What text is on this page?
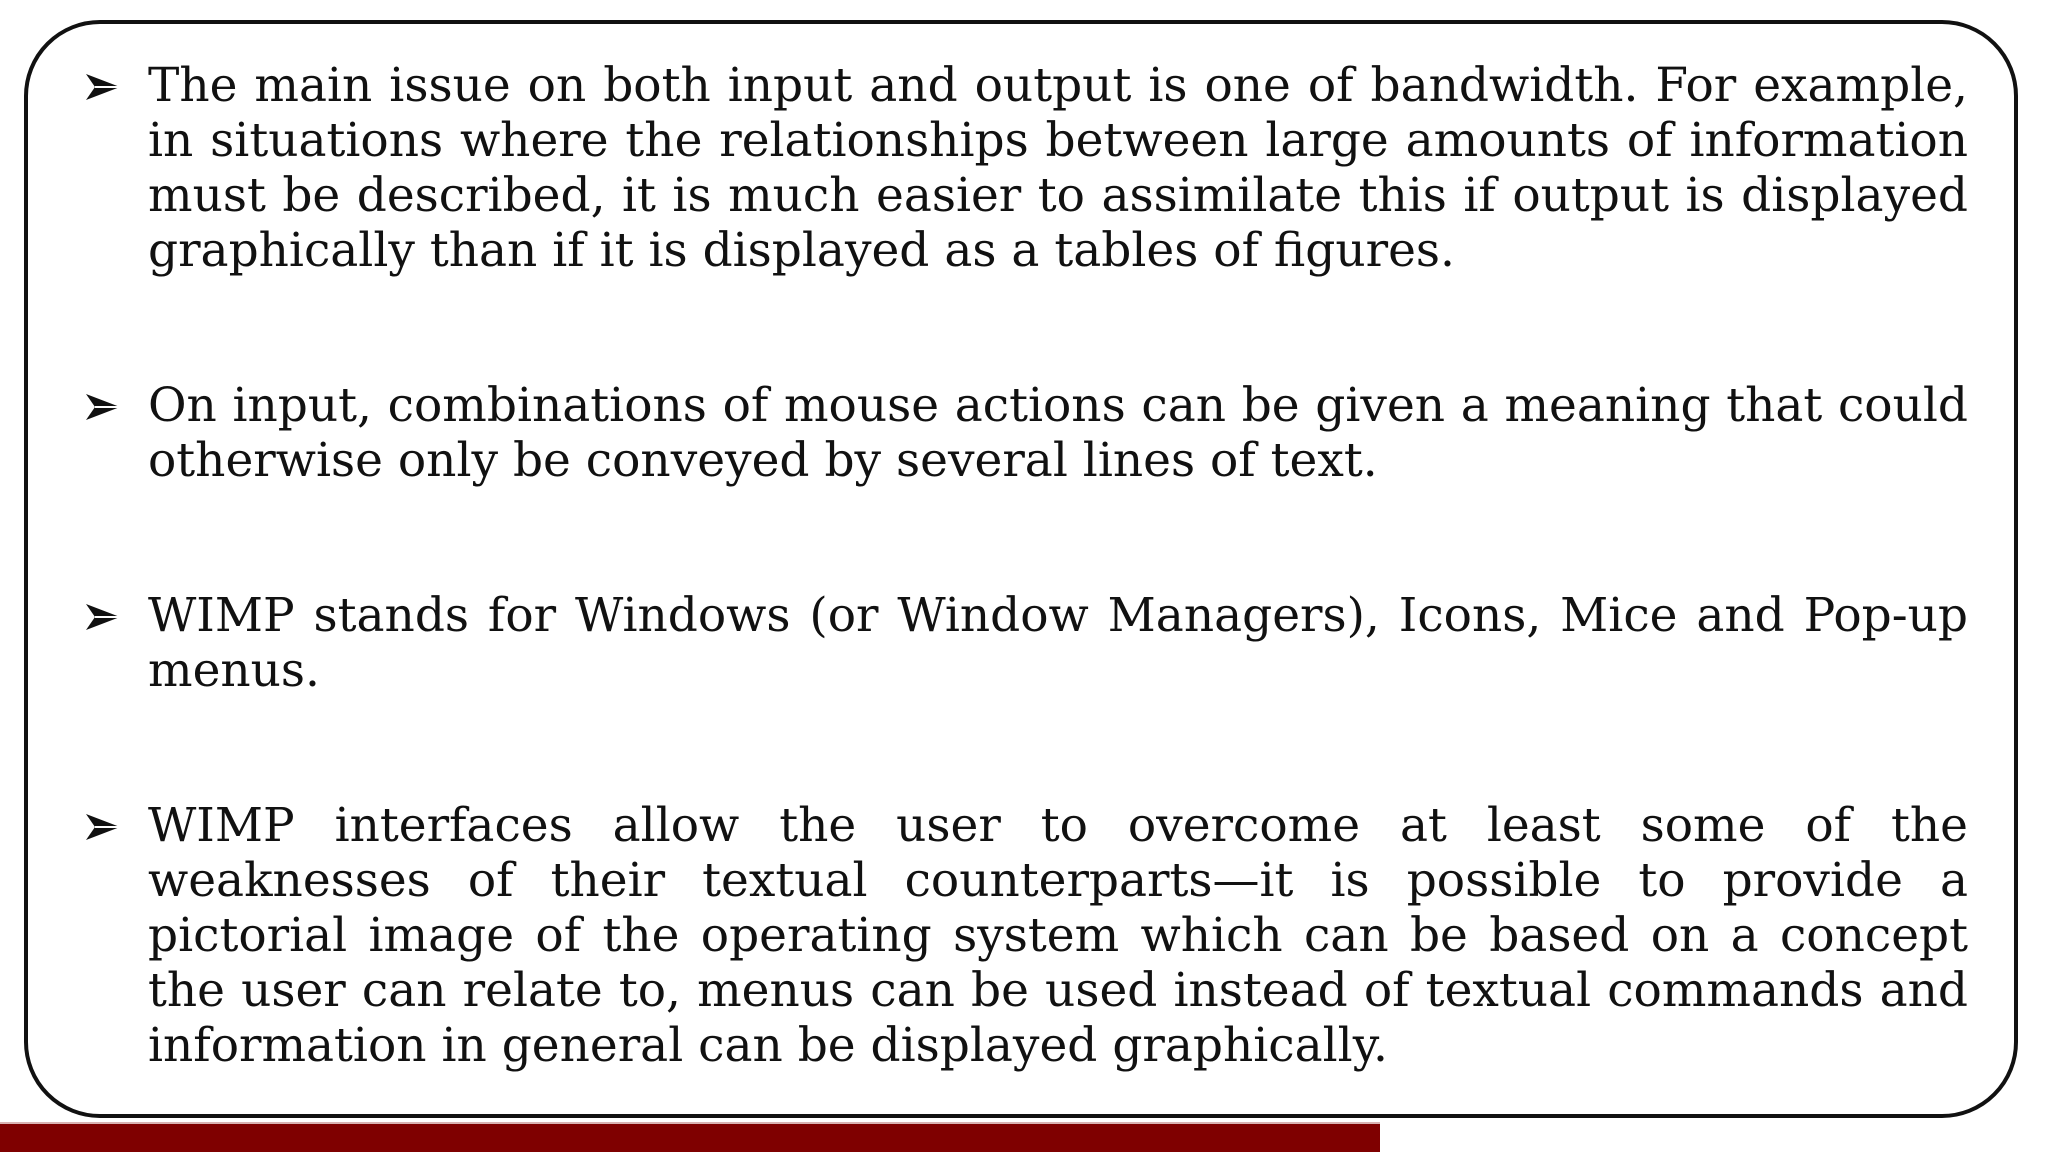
The main issue on both input and output is one of bandwidth. For example, in situations where the relationships between large amounts of information must be described, it is much easier to assimilate this if output is displayed graphically than if it is displayed as a tables of figures.
On input, combinations of mouse actions can be given a meaning that could otherwise only be conveyed by several lines of text.
WIMP stands for Windows (or Window Managers), Icons, Mice and Pop-up menus.
WIMP interfaces allow the user to overcome at least some of the weaknesses of their textual counterparts—it is possible to provide a pictorial image of the operating system which can be based on a concept the user can relate to, menus can be used instead of textual commands and information in general can be displayed graphically.
